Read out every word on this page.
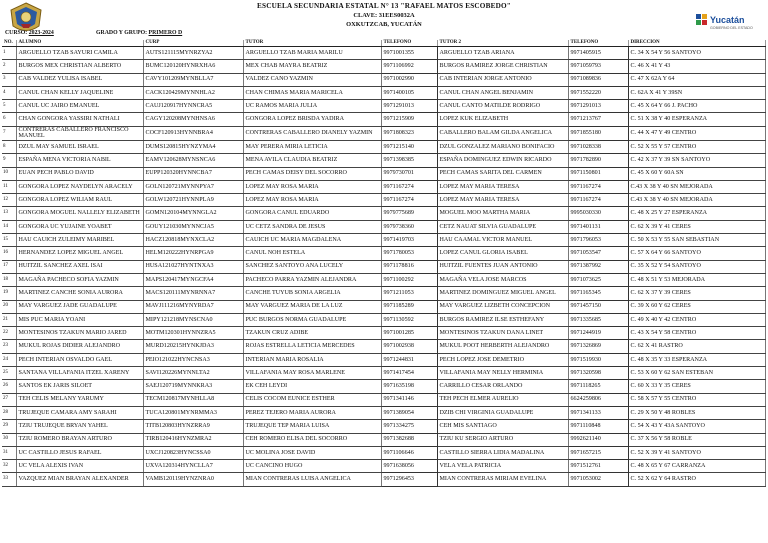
ESCUELA SECUNDARIA ESTATAL N° 13 "RAFAEL MATOS ESCOBEDO"
CLAVE: 31EES0032A
OXKUTZCAB, YUCATÁN
CURSO: 2023-2024	GRADO Y GRUPO: PRIMERO D
Yucatán
GOBIERNO DEL ESTADO
NO.	ALUMNO	CURP	TUTOR	TELEFONO	TUTOR 2	TELEFONO	DIRECCION
1	ARGUELLO TZAB SAYURI CAMILA	AUTS121115MYNRZYA2	ARGUELLO TZAB MARIA MARILU	9971001355	ARGUELLO TZAB ARIANA	9971405915	C. 34 X 54 Y 56 SANTOYO
2	BURGOS MEX CHRISTIAN ALBERTO	BUMC120120HYNRXHA6	MEX CHAB MAYRA BEATRIZ	9971106992	BURGOS RAMIREZ JORGE CHRISTIAN	9971059793	C. 46 X 41 Y 43
3	CAB VALDEZ YULISA ISABEL	CAVY101209MYNBLLA7	VALDEZ CANO YAZMIN	9971002990	CAB INTERIAN JORGE ANTONIO	9971089836	C. 47 X 62A Y 64
4	CANUL CHAN KELLY JAQUELINE	CACK120429MYNNHLA2	CHAN CHIMAS MARIA MARICELA	9971400105	CANUL CHAN ANGEL BENJAMIN	9971552220	C. 62A X 41 Y 39SN
5	CANUL UC JAIRO EMANUEL	CAUJ120917HYNNCRA5	UC RAMOS MARIA JULIA	9971291013	CANUL CANTO MATILDE RODRIGO	9971291013	C. 45 X 64 Y 66 J. PACHO
6	CHAN GONGORA YASSIRI NATHALI	CAGY120208MYNHNSA6	GONGORA LOPEZ BRISDA YADIRA	9971215909	LOPEZ KUK ELIZABETH	9971213767	C. 51 X 38 Y 40 ESPERANZA
7	CONTRERAS CABALLERO FRANCISCO MANUEL	COCF120913HYNNBRA4	CONTRERAS CABALLERO DIANELY YAZMIN	9971808323	CABALLERO BALAM GILDA ANGELICA	9971855180	C. 44 X 47 Y 49 CENTRO
8	DZUL MAY SAMUEL ISRAEL	DUMS120815HYNZYMA4	MAY PERERA MIRIA LETICIA	9971215140	DZUL GONZALEZ MARIANO BONIFACIO	9971028338	C. 52 X 55 Y 57 CENTRO
9	ESPAÑA MENA VICTORIA NABIL	EAMV120628MYNSNCA6	MENA AVILA CLAUDIA BEATRIZ	9971398385	ESPAÑA DOMINGUEZ EDWIN RICARDO	9971782890	C. 42 X 37 Y 39 SN SANTOYO
10	EUAN PECH PABLO DAVID	EUPP120320HYNNCBA7	PECH CAMAS DEISY DEL SOCORRO	9979730701	PECH CAMAS SARITA DEL CARMEN	9971150801	C. 45 X 60 Y 60A SN
11	GONGORA LOPEZ NAYDELYN ARACELY	GOLN120721MYNNPYA7	LOPEZ MAY ROSA MARIA	9971167274	LOPEZ MAY MARIA TERESA	9971167274	C.43 X 38 Y 40 SN MEJORADA
12	GONGORA LOPEZ WILIAM RAUL	GOLW120721HYNNPLA9	LOPEZ MAY ROSA MARIA	9971167274	LOPEZ MAY MARIA TERESA	9971167274	C.43 X 38 Y 40 SN MEJORADA
13	GONGORA MOGUEL NALLELY ELIZABETH	GOMN120104MYNNGLA2	GONGORA CANUL EDUARDO	9979775689	MOGUEL MOO MARTHA MARIA	9995030330	C. 48 X 25 Y 27 ESPERANZA
14	GONGORA UC YUJAINE YOABET	GOUY121030MYNNCJA5	UC CETZ SANDRA DE JESUS	9979738360	CETZ NAUAT SILVIA GUADALUPE	9971401131	C. 62 X 39 Y 41 CERES
15	HAU CAUICH ZULEIMY MARIBEL	HACZ120818MYNXCLA2	CAUICH UC MARIA MAGDALENA	9971419703	HAU CAAMAL VICTOR MANUEL	9971796053	C. 50 X 53 Y 55 SAN SEBASTIAN
16	HERNANDEZ LOPEZ MIGUEL ANGEL	HELM120222HYNRPGA9	CANUL NOH ESTELA	9971780053	LOPEZ CANUL GLORIA ISABEL	9971053547	C. 57 X 64 Y 66 SANTOYO
17	HUITZIL SANCHEZ AXEL ISAI	HUSA121027HYNTNXA3	SANCHEZ SANTOYO ANA LUCELY	9971178816	HUITZIL FUENTES JUAN ANTONIO	9971387992	C. 35 X 52 Y 54 SANTOYO
18	MAGAÑA PACHECO SOFIA YAZMIN	MAPS120417MYNGCFA4	PACHECO PARRA YAZMIN ALEJANDRA	9971100292	MAGAÑA VELA JOSE MARCOS	9971073625	C. 48 X 51 Y 53 MEJORADA
19	MARTINEZ CANCHE SONIA AURORA	MACS120111MYNRNNA7	CANCHE TUYUB SONIA ARGELIA	9971211053	MARTINEZ DOMINGUEZ MIGUEL ANGEL	9971165345	C. 62 X 37 Y 39 CERES
20	MAY VARGUEZ JADE GUADALUPE	MAVJ111216MYNYRDA7	MAY VARGUEZ MARIA DE LA LUZ	9971185289	MAY VARGUEZ LIZBETH CONCEPCION	9971457150	C. 39 X 60 Y 62 CERES
21	MIS PUC MARIA YOANI	MIPY121218MYNSCNA0	PUC BURGOS NORMA GUADALUPE	9971130592	BURGOS RAMIREZ ILSE ESTHEFANY	9971335685	C. 49 X 40 Y 42 CENTRO
22	MONTESINOS TZAKUN MARIO JARED	MOTM120301HYNNZRA5	TZAKUN CRUZ ADIBE	9971001285	MONTESINOS TZAKUN DANA LINET	9971244919	C. 43 X 54 Y 58 CENTRO
23	MUKUL ROJAS DIDIER ALEJANDRO	MURD120215HYNKJDA3	ROJAS ESTRELLA LETICIA MERCEDES	9971002938	MUKUL POOT HERBERTH ALEJANDRO	9971326869	C. 62 X 41 RASTRO
24	PECH INTERIAN OSVALDO GAEL	PEIO121022HYNCNSA3	INTERIAN MARIA ROSALIA	9971244831	PECH LOPEZ JOSE DEMETRIO	9971519930	C. 48 X 35 Y 33 ESPERANZA
25	SANTANA VILLAFANIA ITZEL XARENY	SAVI120226MYNNLTA2	VILLAFANIA MAY ROSA MARLENE	9971417454	VILLAFANIA MAY NELLY HERMINIA	9971320598	C. 53 X 60 Y 62 SAN ESTEBAN
26	SANTOS EK JARIS SILOET	SAEJ120719MYNNKRA3	EK CEH LEYDI	9971635198	CARRILLO CESAR ORLANDO	9971118265	C. 60 X 33 Y 35 CERES
27	TEH CELIS MELANY YARUMY	TECM120817MYNHLLA8	CELIS COCOM EUNICE ESTHER	9971341146	TEH PECH ELMER AURELIO	6624259806	C. 58 X 57 Y 55 CENTRO
28	TRUJEQUE CAMARA AMY SARAHI	TUCA120801MYNRMMA3	PEREZ TEJERO MARIA AURORA	9971389054	DZIB CHI VIRGINIA GUADALUPE	9971341133	C. 29 X 50 Y 48 ROBLES
29	TZIU TRUJEQUE BRYAN YAHEL	TITB120803HYNZRRA9	TRUJEQUE TEP MARIA LUISA	9971334275	CEH MIS SANTIAGO	9971110848	C. 54 X 43 Y 43A SANTOYO
30	TZIU ROMERO BRAYAN ARTURO	TIRB120416HYNZMRA2	CEH ROMERO ELISA DEL SOCORRO	9971382688	TZIU KU SERGIO ARTURO	9992621140	C. 37 X 56 Y 58 ROBLE
31	UC CASTILLO JESUS RAFAEL	UXCJ120823HYNCSSA0	UC MOLINA JOSE DAVID	9971106646	CASTILLO SIERRA LIDIA MADALINA	9971657215	C. 52 X 39 Y 41 SANTOYO
32	UC VELA ALEXIS IVAN	UXVA120314HYNCLLA7	UC CANCINO HUGO	9971638056	VELA VELA PATRICIA	9971512761	C. 48 X 65 Y 67 CARRANZA
33	VAZQUEZ MIAN BRAYAN ALEXANDER	VAMB120119HYNZNRA0	MIAN CONTRERAS LUISA ANGELICA	9971296453	MIAN CONTRERAS MIRIAM EVELINA	9971053002	C. 52 X 62 Y 64 RASTRO
